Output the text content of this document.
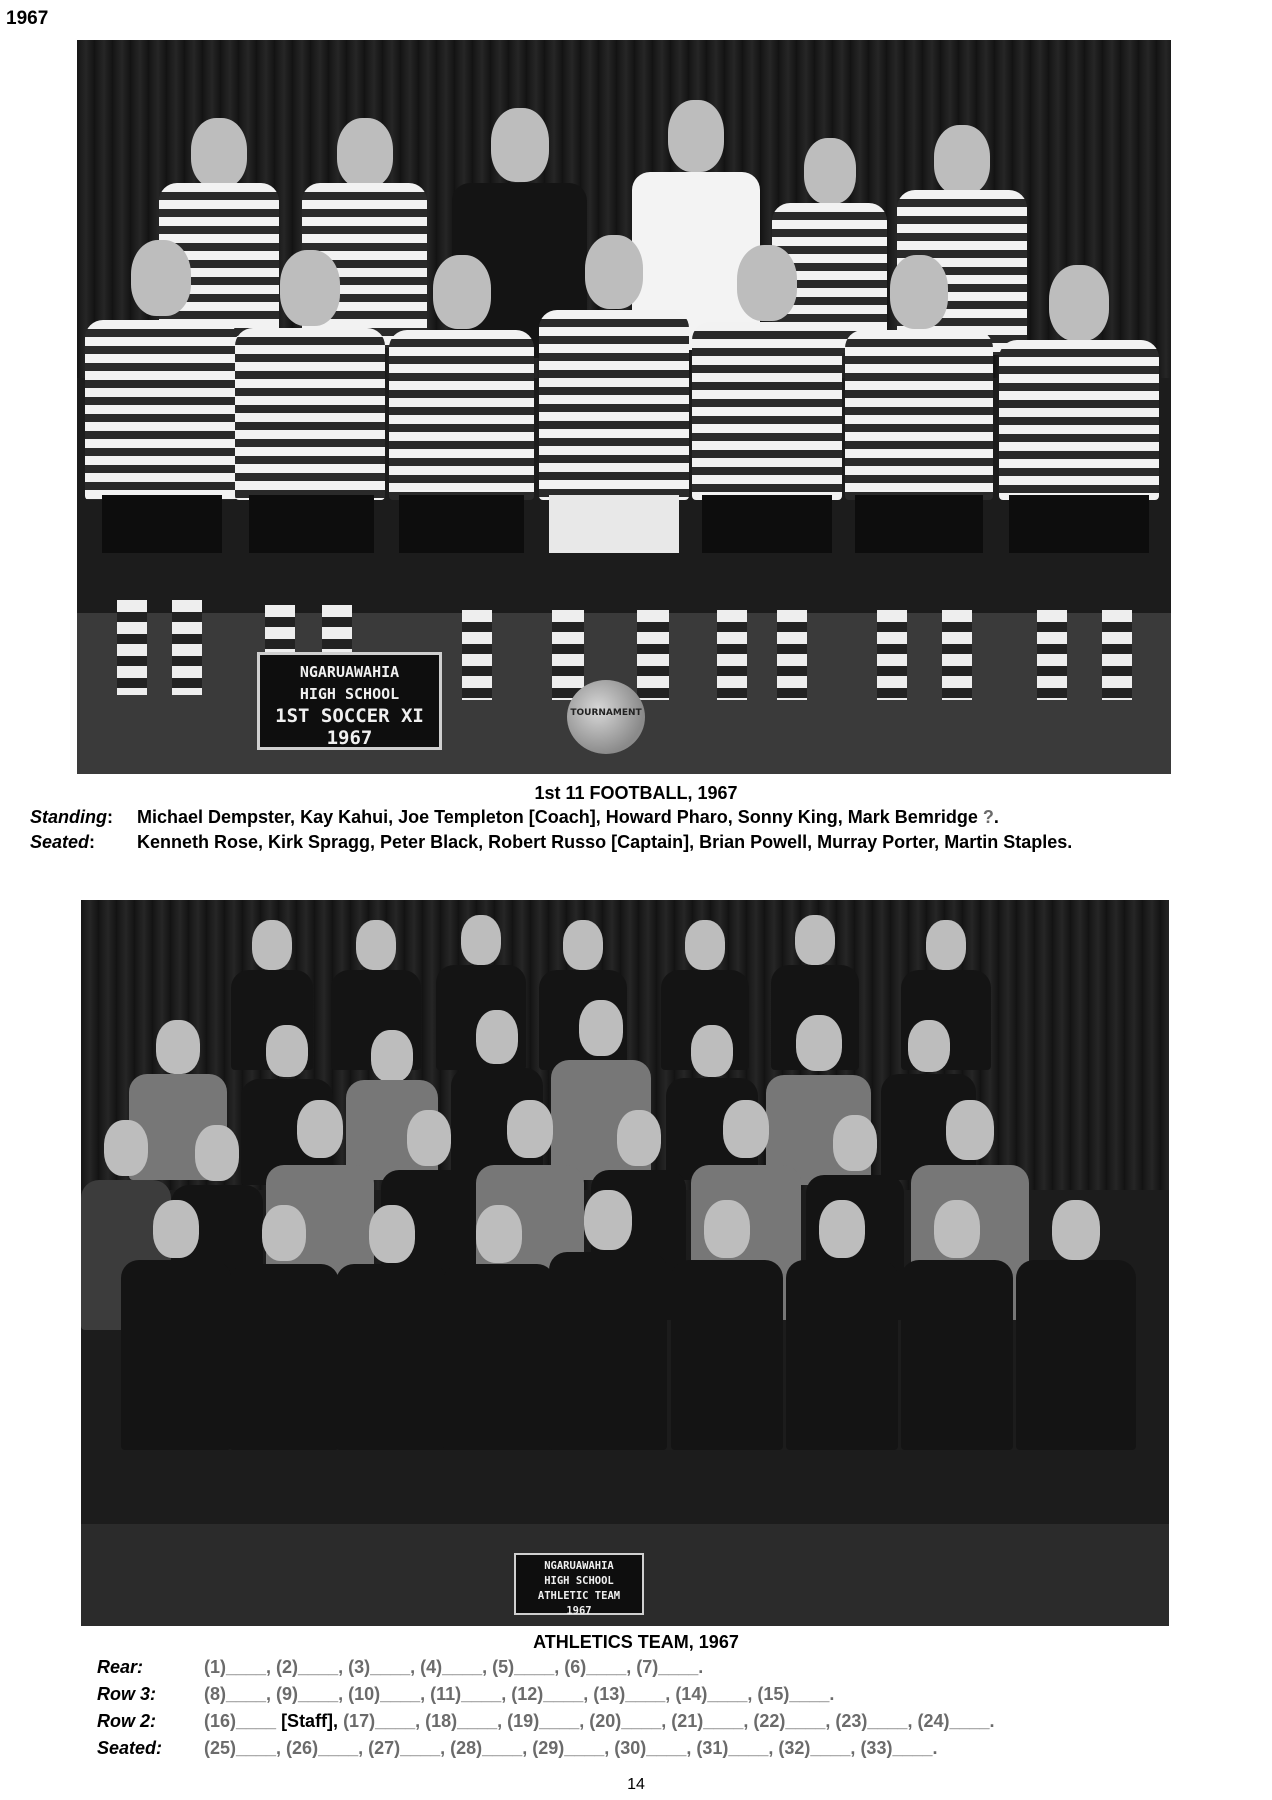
1967
NGARUAWAHIA
HIGH SCHOOL
1ST SOCCER XI
1967
TOURNAMENT
1st 11 FOOTBALL, 1967
Standing: Michael Dempster, Kay Kahui, Joe Templeton [Coach], Howard Pharo, Sonny King, Mark Bemridge ?.
Seated: Kenneth Rose, Kirk Spragg, Peter Black, Robert Russo [Captain], Brian Powell, Murray Porter, Martin Staples.
NGARUAWAHIA
HIGH SCHOOL
ATHLETIC TEAM
1967
ATHLETICS TEAM, 1967
Rear:	(1)____, (2)____, (3)____, (4)____, (5)____, (6)____, (7)____.
Row 3:	(8)____, (9)____, (10)____, (11)____, (12)____, (13)____, (14)____, (15)____.
Row 2:	(16)____ [Staff], (17)____, (18)____, (19)____, (20)____, (21)____, (22)____, (23)____, (24)____.
Seated: (25)____, (26)____, (27)____, (28)____, (29)____, (30)____, (31)____, (32)____, (33)____.
14
